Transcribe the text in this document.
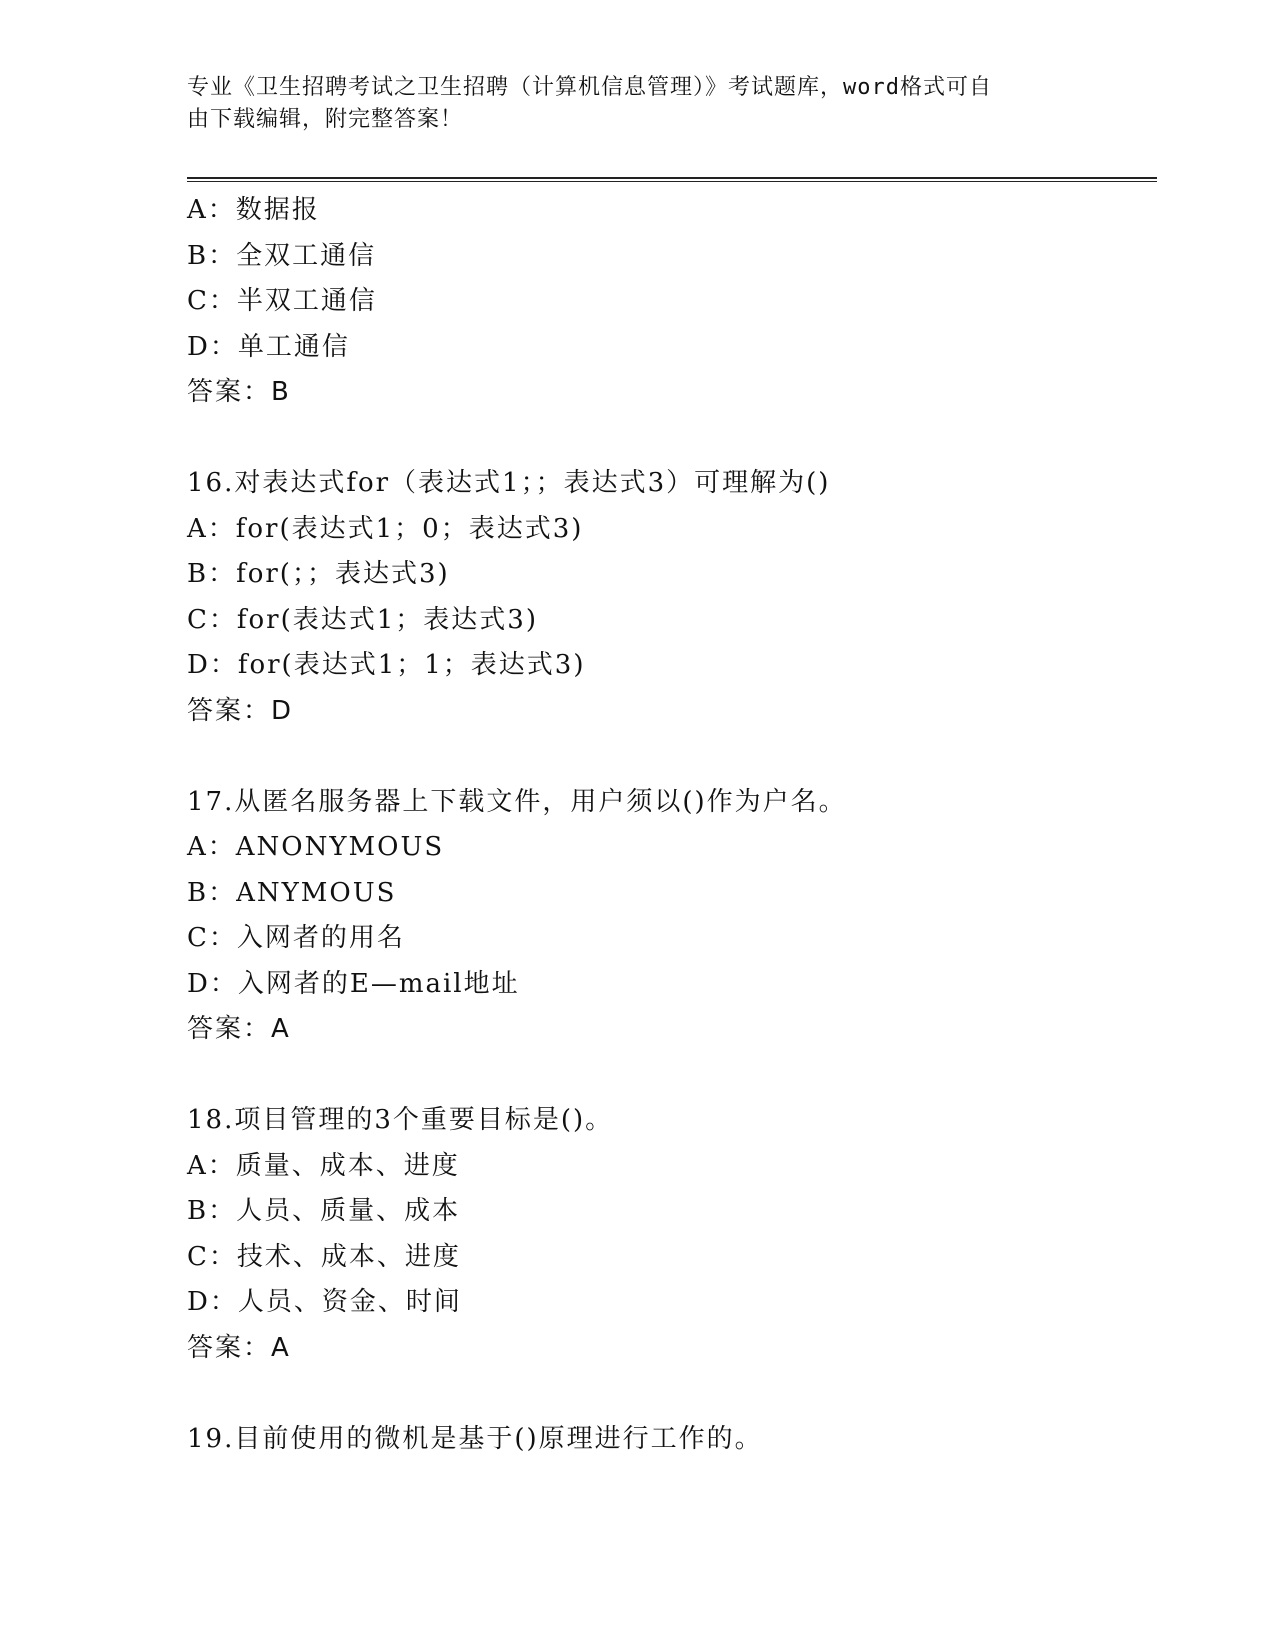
专业《卫生招聘考试之卫生招聘（计算机信息管理）》考试题库，word格式可自
由下载编辑，附完整答案！
A：数据报
B：全双工通信
C：半双工通信
D：单工通信
答案：B
16.对表达式for（表达式1；；表达式3）可理解为()
A：for(表达式1；0；表达式3)
B：for(；；表达式3)
C：for(表达式1；表达式3)
D：for(表达式1；1；表达式3)
答案：D
17.从匿名服务器上下载文件，用户须以()作为户名。
A：ANONYMOUS
B：ANYMOUS
C：入网者的用名
D：入网者的E—mail地址
答案：A
18.项目管理的3个重要目标是()。
A：质量、成本、进度
B：人员、质量、成本
C：技术、成本、进度
D：人员、资金、时间
答案：A
19.目前使用的微机是基于()原理进行工作的。
